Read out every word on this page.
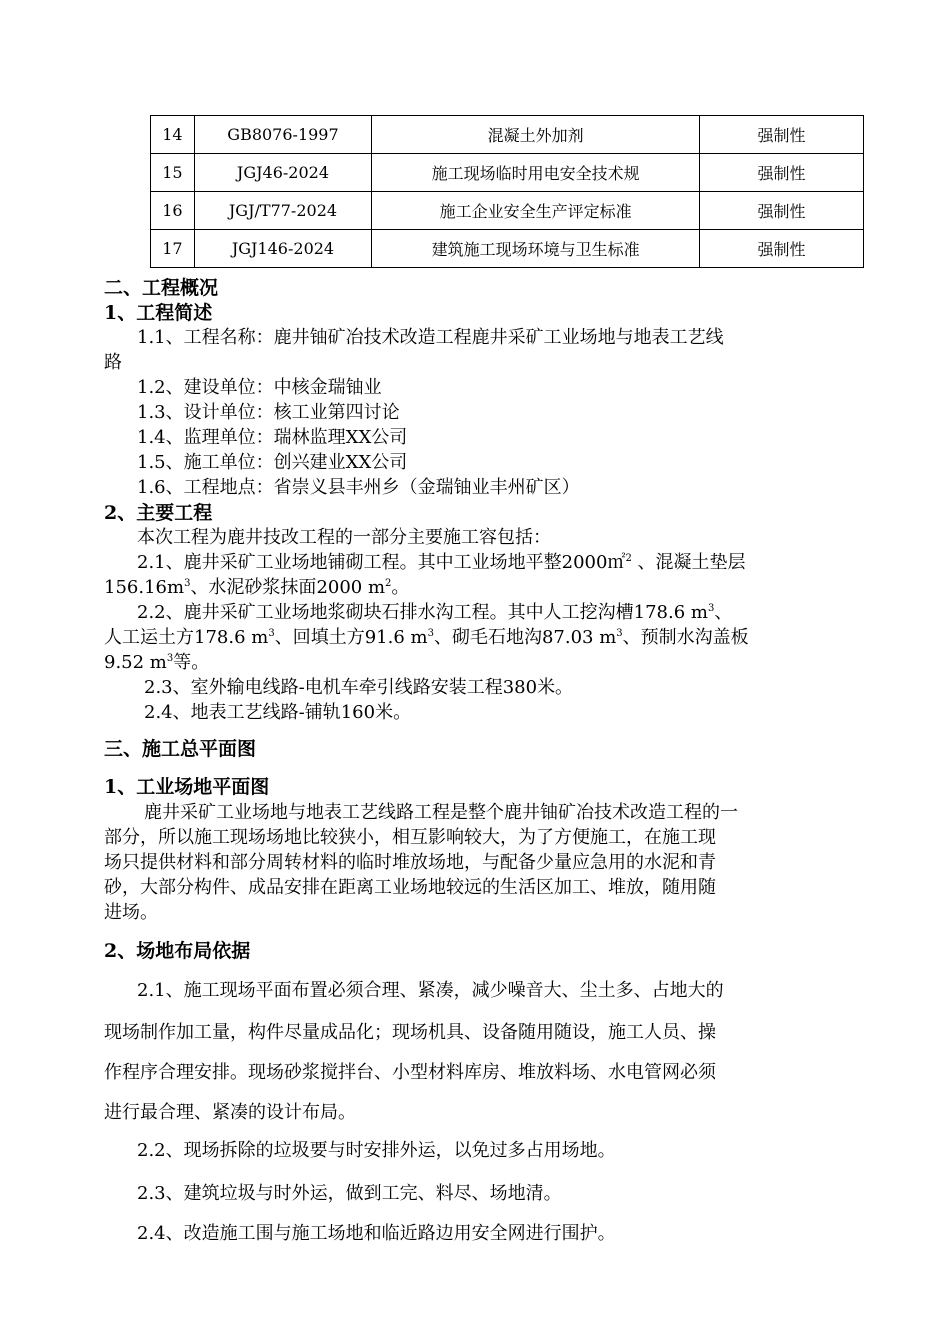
14	GB8076-1997	混凝土外加剂	强制性
15	JGJ46-2024	施工现场临时用电安全技术规	强制性
16	JGJ/T77-2024	施工企业安全生产评定标准	强制性
17	JGJ146-2024	建筑施工现场环境与卫生标准	强制性
二、工程概况
1、工程简述
1.1、工程名称：鹿井铀矿冶技术改造工程鹿井采矿工业场地与地表工艺线
路
1.2、建设单位：中核金瑞铀业
1.3、设计单位：核工业第四讨论
1.4、监理单位：瑞林监理XX公司
1.5、施工单位：创兴建业XX公司
1.6、工程地点：省崇义县丰州乡（金瑞铀业丰州矿区）
2、主要工程
本次工程为鹿井技改工程的一部分主要施工容包括：
2.1、鹿井采矿工业场地铺砌工程。其中工业场地平整2000㎡$^2$ 、混凝土垫层
$156.16m^3$、水泥砂浆抹面2000 $m^2$。
2.2、鹿井采矿工业场地浆砌块石排水沟工程。其中人工挖沟槽178.6 $m^3$、
人工运土方178.6 $m^3$、回填土方91.6 $m^3$、砌毛石地沟87.03 $m^3$、预制水沟盖板
9.52 $m^3$等。
2.3、室外输电线路-电机车牵引线路安装工程380米。
2.4、地表工艺线路-铺轨160米。
三、施工总平面图
1、工业场地平面图
鹿井采矿工业场地与地表工艺线路工程是整个鹿井铀矿冶技术改造工程的一
部分，所以施工现场场地比较狭小，相互影响较大，为了方便施工，在施工现
场只提供材料和部分周转材料的临时堆放场地，与配备少量应急用的水泥和青
砂，大部分构件、成品安排在距离工业场地较远的生活区加工、堆放，随用随
进场。
2、场地布局依据
2.1、施工现场平面布置必须合理、紧凑，减少噪音大、尘土多、占地大的
现场制作加工量，构件尽量成品化；现场机具、设备随用随设，施工人员、操
作程序合理安排。现场砂浆搅拌台、小型材料库房、堆放料场、水电管网必须
进行最合理、紧凑的设计布局。
2.2、现场拆除的垃圾要与时安排外运，以免过多占用场地。
2.3、建筑垃圾与时外运，做到工完、料尽、场地清。
2.4、改造施工围与施工场地和临近路边用安全网进行围护。
